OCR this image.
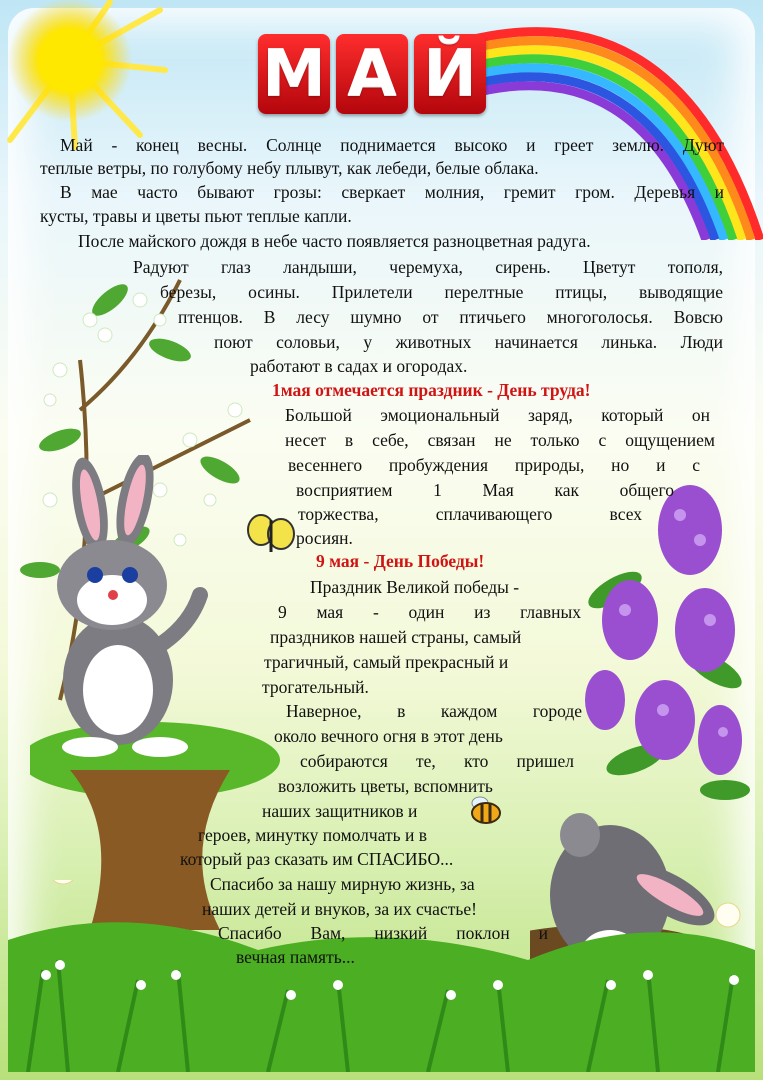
М А Й

Май - конец весны. Солнце поднимается высоко и греет землю. Дуют

теплые ветры, по голубому небу плывут, как лебеди, белые облака.

В мае часто бывают грозы: сверкает молния, гремит гром. Деревья и

кусты, травы и цветы пьют теплые капли.

После майского дождя в небе часто появляется разноцветная радуга.

Радуют глаз ландыши, черемуха, сирень. Цветут тополя,

березы, осины. Прилетели перелтные птицы, выводящие

птенцов. В лесу шумно от птичьего многоголосья. Вовсю

поют соловьи, у животных начинается линька. Люди

работают в садах и огородах.

1мая отмечается праздник - День труда!

Большой эмоциональный заряд, который он

несет в себе, связан не только с ощущением

весеннего пробуждения природы, но и с

восприятием 1 Мая как общего

торжества, сплачивающего всех

росиян.

9 мая - День Победы!

Праздник Великой победы -

9 мая - один из главных

праздников нашей страны, самый

трагичный, самый прекрасный и

трогательный.

Наверное, в каждом городе

около вечного огня в этот день

собираются те, кто пришел

возложить цветы, вспомнить

наших защитников и

героев, минутку помолчать и в

который раз сказать им СПАСИБО...

Спасибо за нашу мирную жизнь, за

наших детей и внуков, за их счастье!

Спасибо Вам, низкий поклон и

вечная память...
